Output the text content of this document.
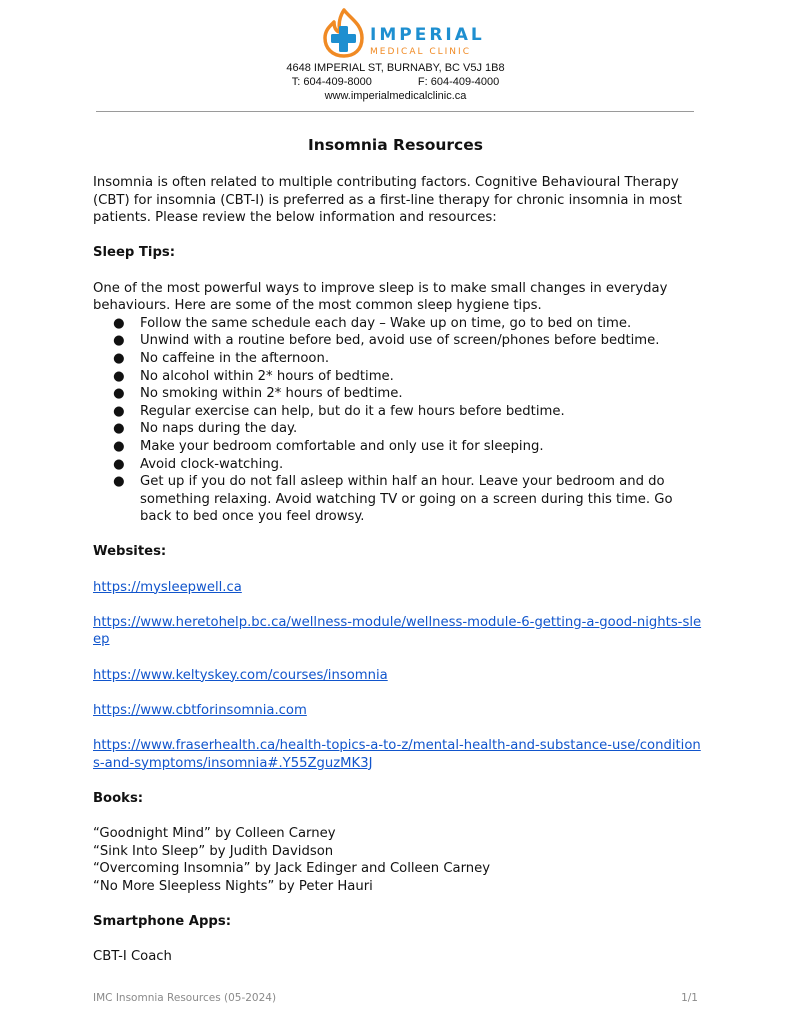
IMPERIAL
MEDICAL CLINIC
4648 IMPERIAL ST, BURNABY, BC V5J 1B8
T: 604-409-8000	F: 604-409-4000
www.imperialmedicalclinic.ca
Insomnia Resources

Insomnia is often related to multiple contributing factors. Cognitive Behavioural Therapy (CBT) for insomnia (CBT-I) is preferred as a first-line therapy for chronic insomnia in most patients. Please review the below information and resources:

Sleep Tips:

One of the most powerful ways to improve sleep is to make small changes in everyday behaviours. Here are some of the most common sleep hygiene tips.

● Follow the same schedule each day – Wake up on time, go to bed on time.
● Unwind with a routine before bed, avoid use of screen/phones before bedtime.
● No caffeine in the afternoon.
● No alcohol within 2* hours of bedtime.
● No smoking within 2* hours of bedtime.
● Regular exercise can help, but do it a few hours before bedtime.
● No naps during the day.
● Make your bedroom comfortable and only use it for sleeping.
● Avoid clock-watching.
● Get up if you do not fall asleep within half an hour. Leave your bedroom and do something relaxing. Avoid watching TV or going on a screen during this time. Go back to bed once you feel drowsy.

Websites:

https://mysleepwell.ca
https://www.heretohelp.bc.ca/wellness-module/wellness-module-6-getting-a-good-nights-sleep
https://www.keltyskey.com/courses/insomnia
https://www.cbtforinsomnia.com
https://www.fraserhealth.ca/health-topics-a-to-z/mental-health-and-substance-use/conditions-and-symptoms/insomnia#.Y55ZguzMK3J

Books:

“Goodnight Mind” by Colleen Carney

“Sink Into Sleep” by Judith Davidson

“Overcoming Insomnia” by Jack Edinger and Colleen Carney

“No More Sleepless Nights” by Peter Hauri

Smartphone Apps:

CBT-I Coach

IMC Insomnia Resources (05-2024)	1/1
